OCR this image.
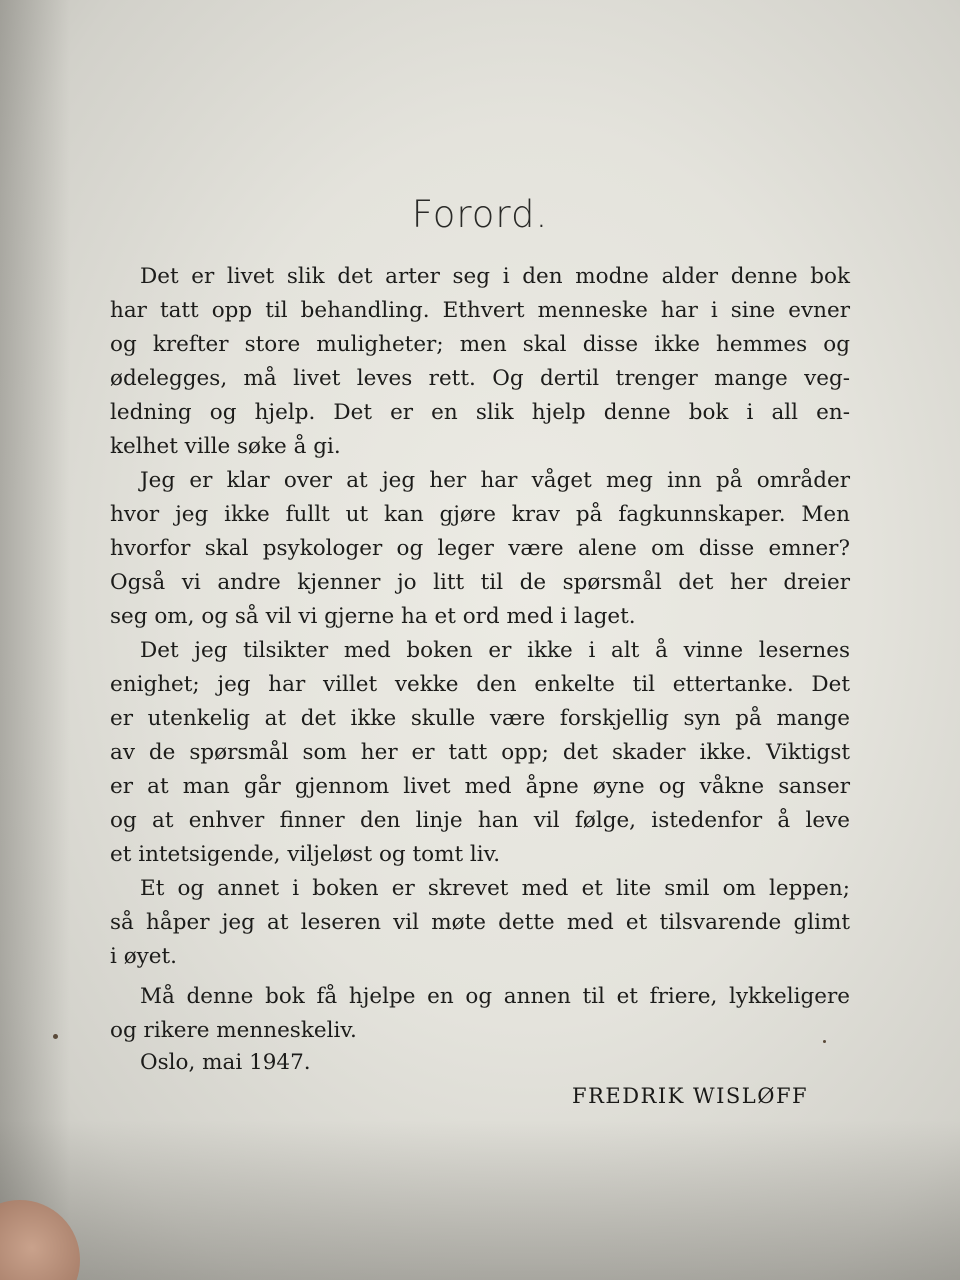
Forord.
Det er livet slik det arter seg i den modne alder denne bok
har tatt opp til behandling. Ethvert menneske har i sine evner
og krefter store muligheter; men skal disse ikke hemmes og
ødelegges, må livet leves rett. Og dertil trenger mange veg-
ledning og hjelp. Det er en slik hjelp denne bok i all en-
kelhet ville søke å gi.
Jeg er klar over at jeg her har våget meg inn på områder
hvor jeg ikke fullt ut kan gjøre krav på fagkunnskaper. Men
hvorfor skal psykologer og leger være alene om disse emner?
Også vi andre kjenner jo litt til de spørsmål det her dreier
seg om, og så vil vi gjerne ha et ord med i laget.
Det jeg tilsikter med boken er ikke i alt å vinne lesernes
enighet; jeg har villet vekke den enkelte til ettertanke. Det
er utenkelig at det ikke skulle være forskjellig syn på mange
av de spørsmål som her er tatt opp; det skader ikke. Viktigst
er at man går gjennom livet med åpne øyne og våkne sanser
og at enhver finner den linje han vil følge, istedenfor å leve
et intetsigende, viljeløst og tomt liv.
Et og annet i boken er skrevet med et lite smil om leppen;
så håper jeg at leseren vil møte dette med et tilsvarende glimt
i øyet.
Må denne bok få hjelpe en og annen til et friere, lykkeligere
og rikere menneskeliv.
Oslo, mai 1947.
FREDRIK WISLØFF
